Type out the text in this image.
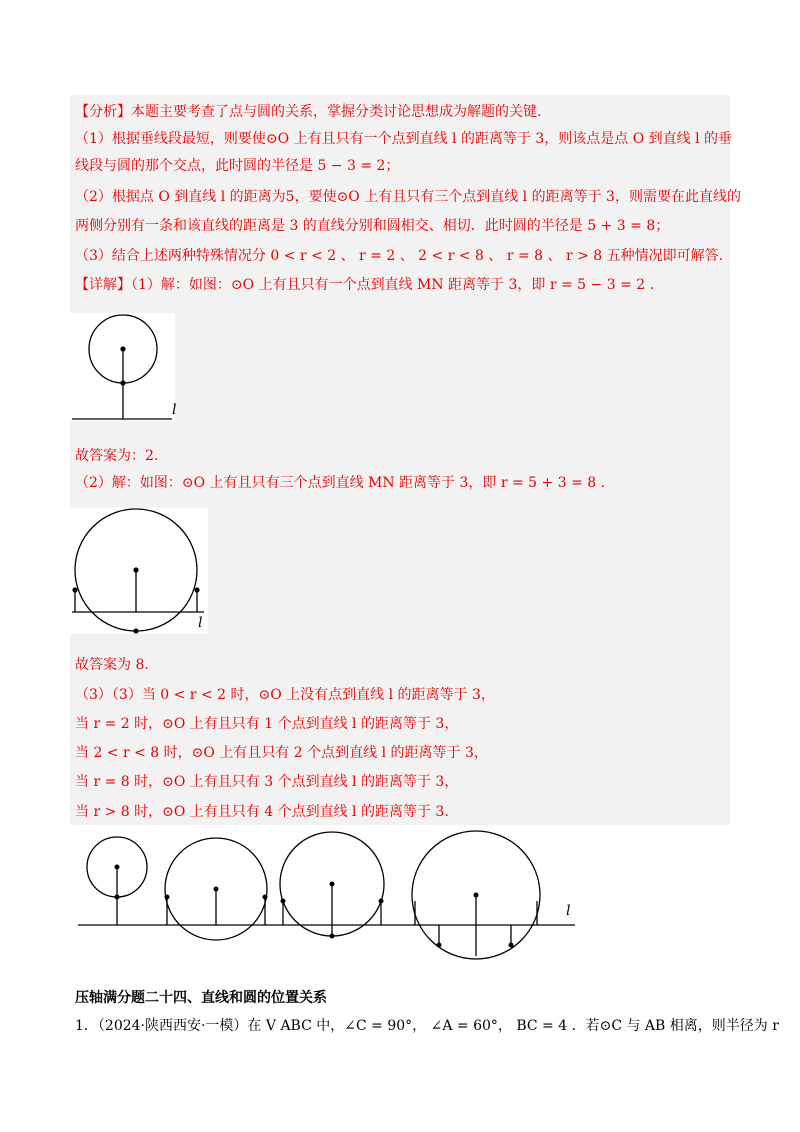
【分析】本题主要考查了点与圆的关系，掌握分类讨论思想成为解题的关键.
（1）根据垂线段最短，则要使⊙O 上有且只有一个点到直线 l 的距离等于 3，则该点是点 O 到直线 l 的垂
线段与圆的那个交点，此时圆的半径是 5 − 3 = 2；
（2）根据点 O 到直线 l 的距离为5，要使⊙O 上有且只有三个点到直线 l 的距离等于 3，则需要在此直线的
两侧分别有一条和该直线的距离是 3 的直线分别和圆相交、相切．此时圆的半径是 5 + 3 = 8；
（3）结合上述两种特殊情况分 0 < r < 2 、 r = 2 、 2 < r < 8 、 r = 8 、 r > 8 五种情况即可解答.
【详解】（1）解：如图：⊙O 上有且只有一个点到直线 MN 距离等于 3，即 r = 5 − 3 = 2 .
l
故答案为：2.
（2）解：如图：⊙O 上有且只有三个点到直线 MN 距离等于 3，即 r = 5 + 3 = 8 .
l
故答案为 8.
（3）（3）当 0 < r < 2 时，⊙O 上没有点到直线 l 的距离等于 3，
当 r = 2 时，⊙O 上有且只有 1 个点到直线 l 的距离等于 3，
当 2 < r < 8 时，⊙O 上有且只有 2 个点到直线 l 的距离等于 3，
当 r = 8 时，⊙O 上有且只有 3 个点到直线 l 的距离等于 3，
当 r > 8 时，⊙O 上有且只有 4 个点到直线 l 的距离等于 3.
l
压轴满分题二十四、直线和圆的位置关系
1．（2024·陕西西安·一模）在 V ABC 中，∠C = 90°， ∠A = 60°， BC = 4 ．若⊙C 与 AB 相离，则半径为 r
